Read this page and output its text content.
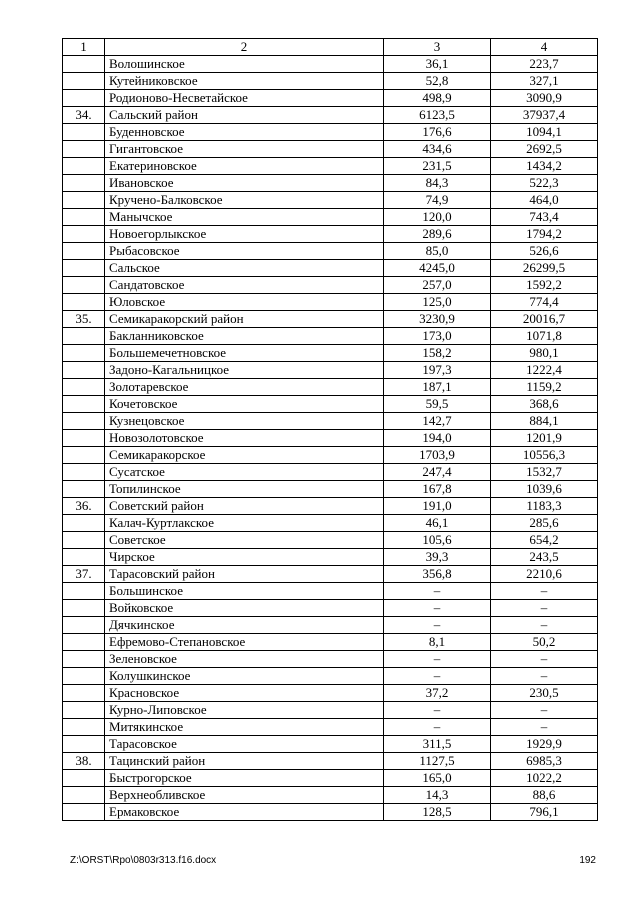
1	2	3	4
	Волошинское	36,1	223,7
	Кутейниковское	52,8	327,1
	Родионово-Несветайское	498,9	3090,9
34.	Сальский район	6123,5	37937,4
	Буденновское	176,6	1094,1
	Гигантовское	434,6	2692,5
	Екатериновское	231,5	1434,2
	Ивановское	84,3	522,3
	Кручено-Балковское	74,9	464,0
	Манычское	120,0	743,4
	Новоегорлыкское	289,6	1794,2
	Рыбасовское	85,0	526,6
	Сальское	4245,0	26299,5
	Сандатовское	257,0	1592,2
	Юловское	125,0	774,4
35.	Семикаракорский район	3230,9	20016,7
	Бакланниковское	173,0	1071,8
	Большемечетновское	158,2	980,1
	Задоно-Кагальницкое	197,3	1222,4
	Золотаревское	187,1	1159,2
	Кочетовское	59,5	368,6
	Кузнецовское	142,7	884,1
	Новозолотовское	194,0	1201,9
	Семикаракорское	1703,9	10556,3
	Сусатское	247,4	1532,7
	Топилинское	167,8	1039,6
36.	Советский район	191,0	1183,3
	Калач-Куртлакское	46,1	285,6
	Советское	105,6	654,2
	Чирское	39,3	243,5
37.	Тарасовский район	356,8	2210,6
	Большинское	–	–
	Войковское	–	–
	Дячкинское	–	–
	Ефремово-Степановское	8,1	50,2
	Зеленовское	–	–
	Колушкинское	–	–
	Красновское	37,2	230,5
	Курно-Липовское	–	–
	Митякинское	–	–
	Тарасовское	311,5	1929,9
38.	Тацинский район	1127,5	6985,3
	Быстрогорское	165,0	1022,2
	Верхнеобливское	14,3	88,6
	Ермаковское	128,5	796,1
Z:\ORST\Rpo\0803r313.f16.docx	192
